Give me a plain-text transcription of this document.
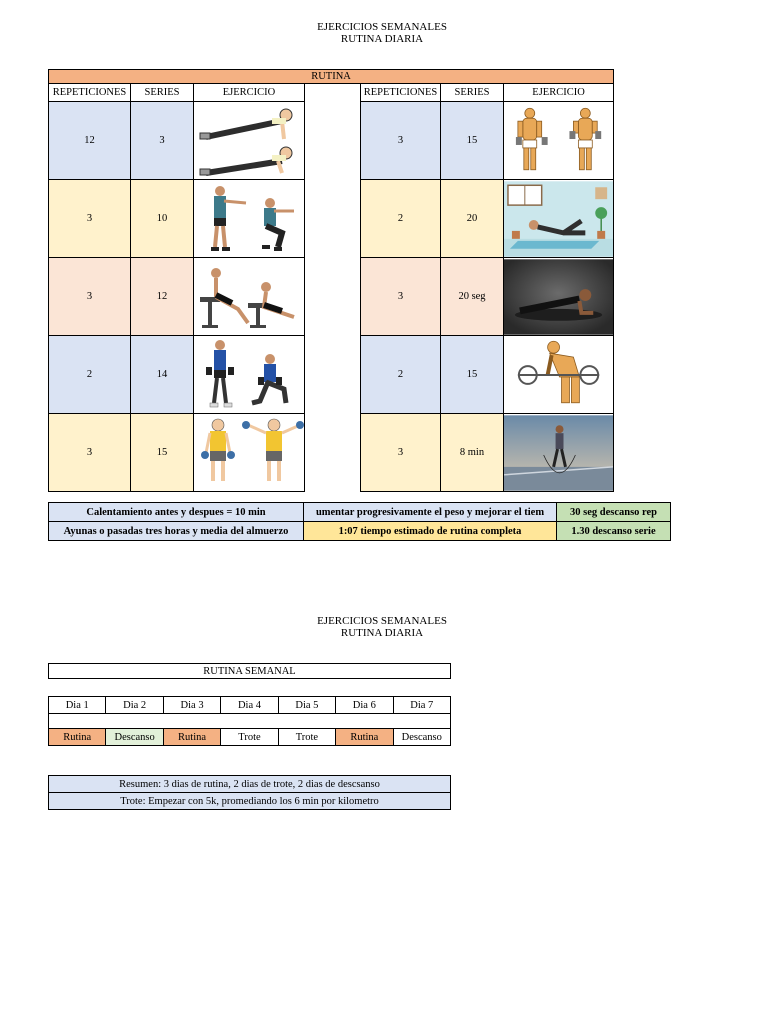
EJERCICIOS SEMANALES
RUTINA DIARIA
RUTINA						
REPETICIONES	SERIES	EJERCICIO		REPETICIONES	SERIES	EJERCICIO
12	3			3	15	

3	10			2	20	

3	12			3	20 seg	

2	14			2	15	

3	15			3	8 min	
Calentamiento antes y despues = 10 min	umentar progresivamente el peso y mejorar el tiem	30 seg descanso rep
Ayunas o pasadas tres horas y media del almuerzo	1:07 tiempo estimado de rutina completa	1.30 descanso serie
EJERCICIOS SEMANALES
RUTINA DIARIA
RUTINA SEMANAL
Dia 1	Dia 2	Dia 3	Dia 4	Dia 5	Dia 6	Dia 7

Rutina	Descanso	Rutina	Trote	Trote	Rutina	Descanso
Resumen: 3 dias de rutina, 2 dias de trote, 2 dias de descsanso
Trote: Empezar con 5k, promediando los 6 min por kilometro
